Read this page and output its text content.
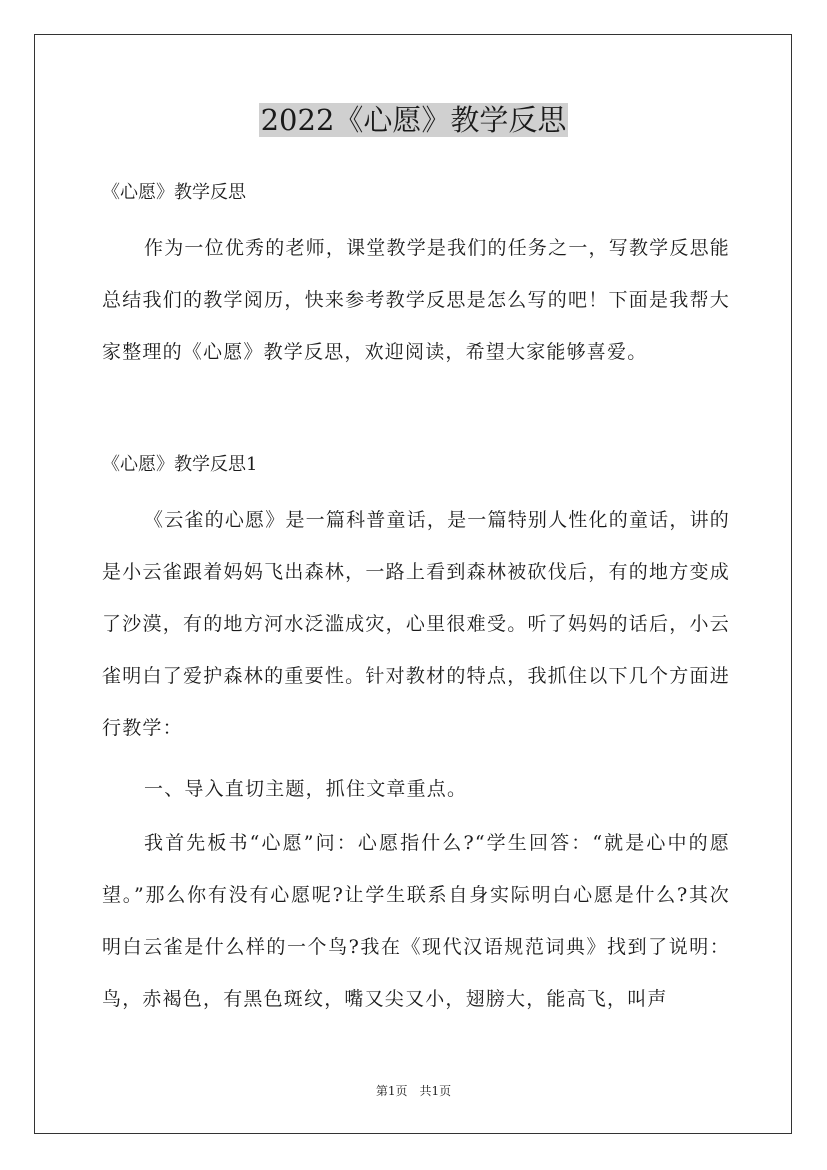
2022《心愿》教学反思

《心愿》教学反思

作为一位优秀的老师，课堂教学是我们的任务之一，写教学反思能总结我们的教学阅历，快来参考教学反思是怎么写的吧！下面是我帮大家整理的《心愿》教学反思，欢迎阅读，希望大家能够喜爱。

《心愿》教学反思1

《云雀的心愿》是一篇科普童话，是一篇特别人性化的童话，讲的是小云雀跟着妈妈飞出森林，一路上看到森林被砍伐后，有的地方变成了沙漠，有的地方河水泛滥成灾，心里很难受。听了妈妈的话后，小云雀明白了爱护森林的重要性。针对教材的特点，我抓住以下几个方面进行教学：

一、导入直切主题，抓住文章重点。

我首先板书“心愿”问：心愿指什么?“学生回答：“就是心中的愿望。”那么你有没有心愿呢?让学生联系自身实际明白心愿是什么?其次明白云雀是什么样的一个鸟?我在《现代汉语规范词典》找到了说明：鸟，赤褐色，有黑色斑纹，嘴又尖又小，翅膀大，能高飞，叫声

第1页　共1页
